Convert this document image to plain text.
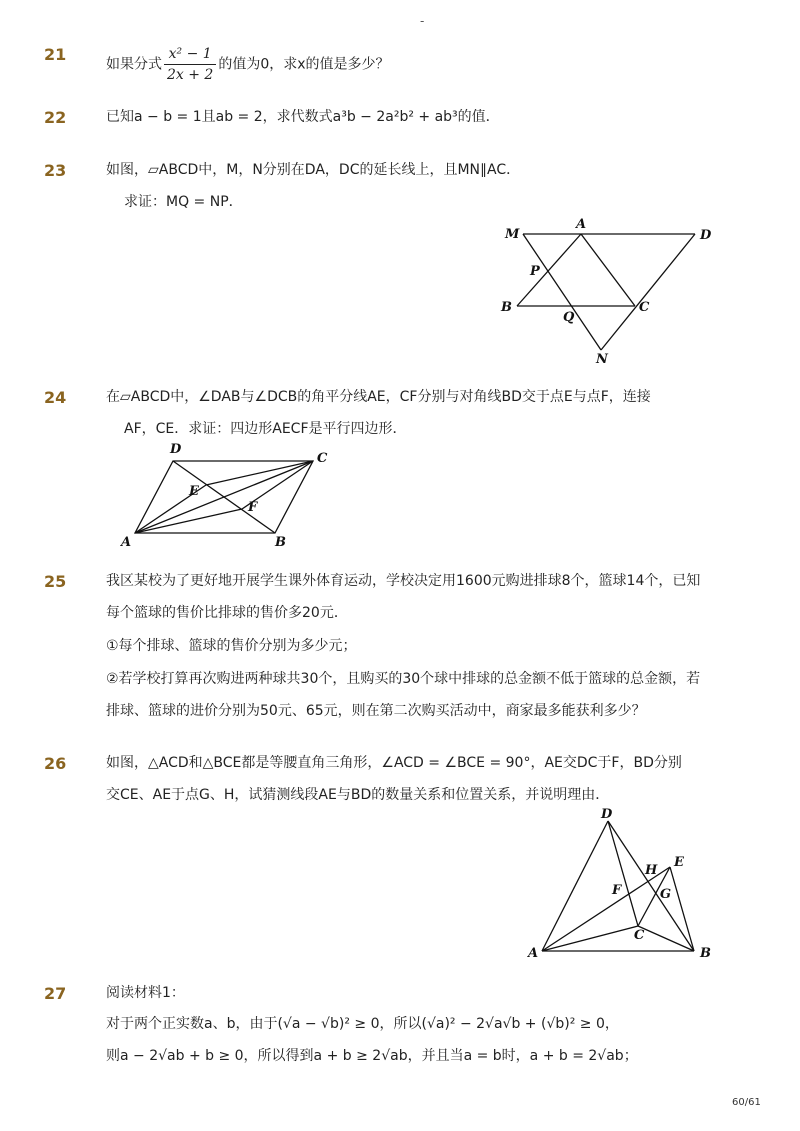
-
21
如果分式 $\frac{\text{x² − 1}}{2x + 2}$ 的值为0，求x的值是多少？
22	已知a − b = 1且ab = 2，求代数式a³b − 2a²b² + ab³的值．
23	如图，▱ABCD中，M，N分别在DA，DC的延长线上，且MN∥AC．
求证：MQ = NP．
M
A
D
P
B
Q
C
N
24	在▱ABCD中，∠DAB与∠DCB的角平分线AE，CF分别与对角线BD交于点E与点F，连接
AF，CE．求证：四边形AECF是平行四边形．
D
C
E
F
A	B
25	我区某校为了更好地开展学生课外体育运动，学校决定用1600元购进排球8个，篮球14个，已知
每个篮球的售价比排球的售价多20元．
①每个排球、篮球的售价分别为多少元；
②若学校打算再次购进两种球共30个，且购买的30个球中排球的总金额不低于篮球的总金额，若
排球、篮球的进价分别为50元、65元，则在第二次购买活动中，商家最多能获利多少？
26	如图，△ACD和△BCE都是等腰直角三角形，∠ACD = ∠BCE = 90°，AE交DC于F，BD分别
交CE、AE于点G、H，试猜测线段AE与BD的数量关系和位置关系，并说明理由．
D
H
E
F	G
C
A	B
27	阅读材料1：
对于两个正实数a、b，由于(√a − √b)² ≥ 0，所以(√a)² − 2√a√b + (√b)² ≥ 0，
则a − 2√ab + b ≥ 0，所以得到a + b ≥ 2√ab，并且当a = b时，a + b = 2√ab；
60/61
